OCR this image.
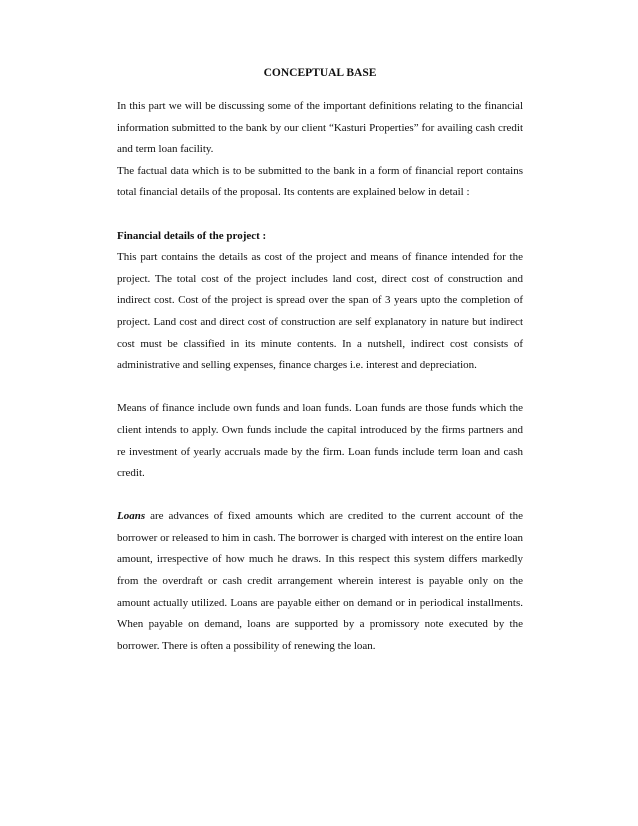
CONCEPTUAL BASE

In this part we will be discussing some of the important definitions relating to the financial information submitted to the bank by our client “Kasturi Properties” for availing cash credit and term loan facility.

The factual data which is to be submitted to the bank in a form of financial report contains total financial details of the proposal. Its contents are explained below in detail :

Financial details of the project :

This part contains the details as cost of the project and means of finance intended for the project. The total cost of the project includes land cost, direct cost of construction and indirect cost. Cost of the project is spread over the span of 3 years upto the completion of project. Land cost and direct cost of construction are self explanatory in nature but indirect cost must be classified in its minute contents. In a nutshell, indirect cost consists of administrative and selling expenses, finance charges i.e. interest and depreciation.

Means of finance include own funds and loan funds. Loan funds are those funds which the client intends to apply. Own funds include the capital introduced by the firms partners and re investment of yearly accruals made by the firm. Loan funds include term loan and cash credit.

Loans are advances of fixed amounts which are credited to the current account of the borrower or released to him in cash. The borrower is charged with interest on the entire loan amount, irrespective of how much he draws. In this respect this system differs markedly from the overdraft or cash credit arrangement wherein interest is payable only on the amount actually utilized. Loans are payable either on demand or in periodical installments. When payable on demand, loans are supported by a promissory note executed by the borrower. There is often a possibility of renewing the loan.
